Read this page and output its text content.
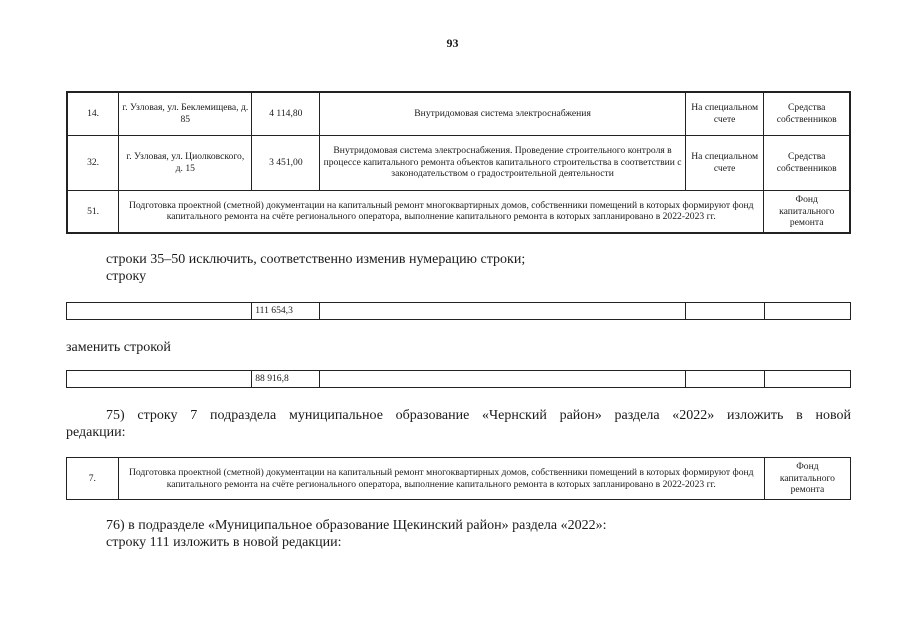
93
14.	г. Узловая, ул. Беклемищева, д. 85	4 114,80	Внутридомовая система электроснабжения	На специальном счете	Средства собственников
32.	г. Узловая, ул. Циолковского, д. 15	3 451,00	Внутридомовая система электроснабжения. Проведение строительного контроля в процессе капитального ремонта объектов капитального строительства в соответствии с законодательством о градостроительной деятельности	На специальном счете	Средства собственников
51.	Подготовка проектной (сметной) документации на капитальный ремонт многоквартирных домов, собственники помещений в которых формируют фонд капитального ремонта на счёте регионального оператора, выполнение капитального ремонта в которых запланировано в 2022-2023 гг.				Фонд капитального ремонта
строки 35–50 исключить, соответственно изменив нумерацию строки;
строку
	111 654,3			
заменить строкой
	88 916,8			
75) строку 7 подраздела муниципальное образование «Чернский район» раздела «2022» изложить в новой
редакции:
7.	Подготовка проектной (сметной) документации на капитальный ремонт многоквартирных домов, собственники помещений в которых формируют фонд капитального ремонта на счёте регионального оператора, выполнение капитального ремонта в которых запланировано в 2022-2023 гг.	Фонд капитального ремонта
76) в подразделе «Муниципальное образование Щекинский район» раздела «2022»:
строку 111 изложить в новой редакции:
